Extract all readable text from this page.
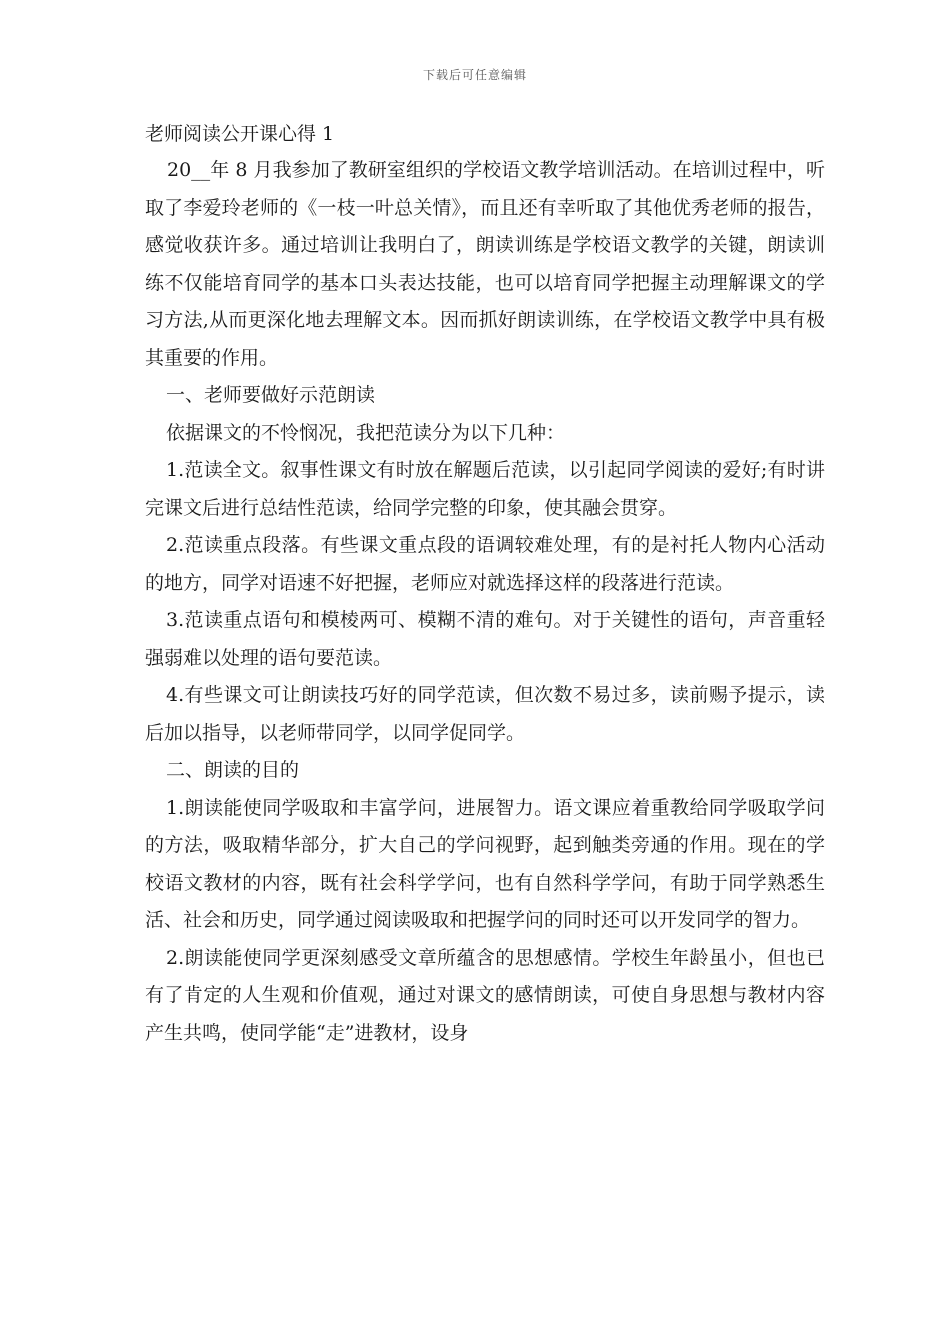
下载后可任意编辑
老师阅读公开课心得 1

20__年 8 月我参加了教研室组织的学校语文教学培训活动。在培训过程中，听取了李爱玲老师的《一枝一叶总关情》，而且还有幸听取了其他优秀老师的报告，感觉收获许多。通过培训让我明白了，朗读训练是学校语文教学的关键，朗读训练不仅能培育同学的基本口头表达技能，也可以培育同学把握主动理解课文的学习方法,从而更深化地去理解文本。因而抓好朗读训练，在学校语文教学中具有极其重要的作用。

一、老师要做好示范朗读

依据课文的不怜悯况，我把范读分为以下几种：

1.范读全文。叙事性课文有时放在解题后范读，以引起同学阅读的爱好;有时讲完课文后进行总结性范读，给同学完整的印象，使其融会贯穿。

2.范读重点段落。有些课文重点段的语调较难处理，有的是衬托人物内心活动的地方，同学对语速不好把握，老师应对就选择这样的段落进行范读。

3.范读重点语句和模棱两可、模糊不清的难句。对于关键性的语句，声音重轻强弱难以处理的语句要范读。

4.有些课文可让朗读技巧好的同学范读，但次数不易过多，读前赐予提示，读后加以指导，以老师带同学，以同学促同学。

二、朗读的目的

1.朗读能使同学吸取和丰富学问，进展智力。语文课应着重教给同学吸取学问的方法，吸取精华部分，扩大自己的学问视野，起到触类旁通的作用。现在的学校语文教材的内容，既有社会科学学问，也有自然科学学问，有助于同学熟悉生活、社会和历史，同学通过阅读吸取和把握学问的同时还可以开发同学的智力。

2.朗读能使同学更深刻感受文章所蕴含的思想感情。学校生年龄虽小，但也已有了肯定的人生观和价值观，通过对课文的感情朗读，可使自身思想与教材内容产生共鸣，使同学能“走”进教材，设身
